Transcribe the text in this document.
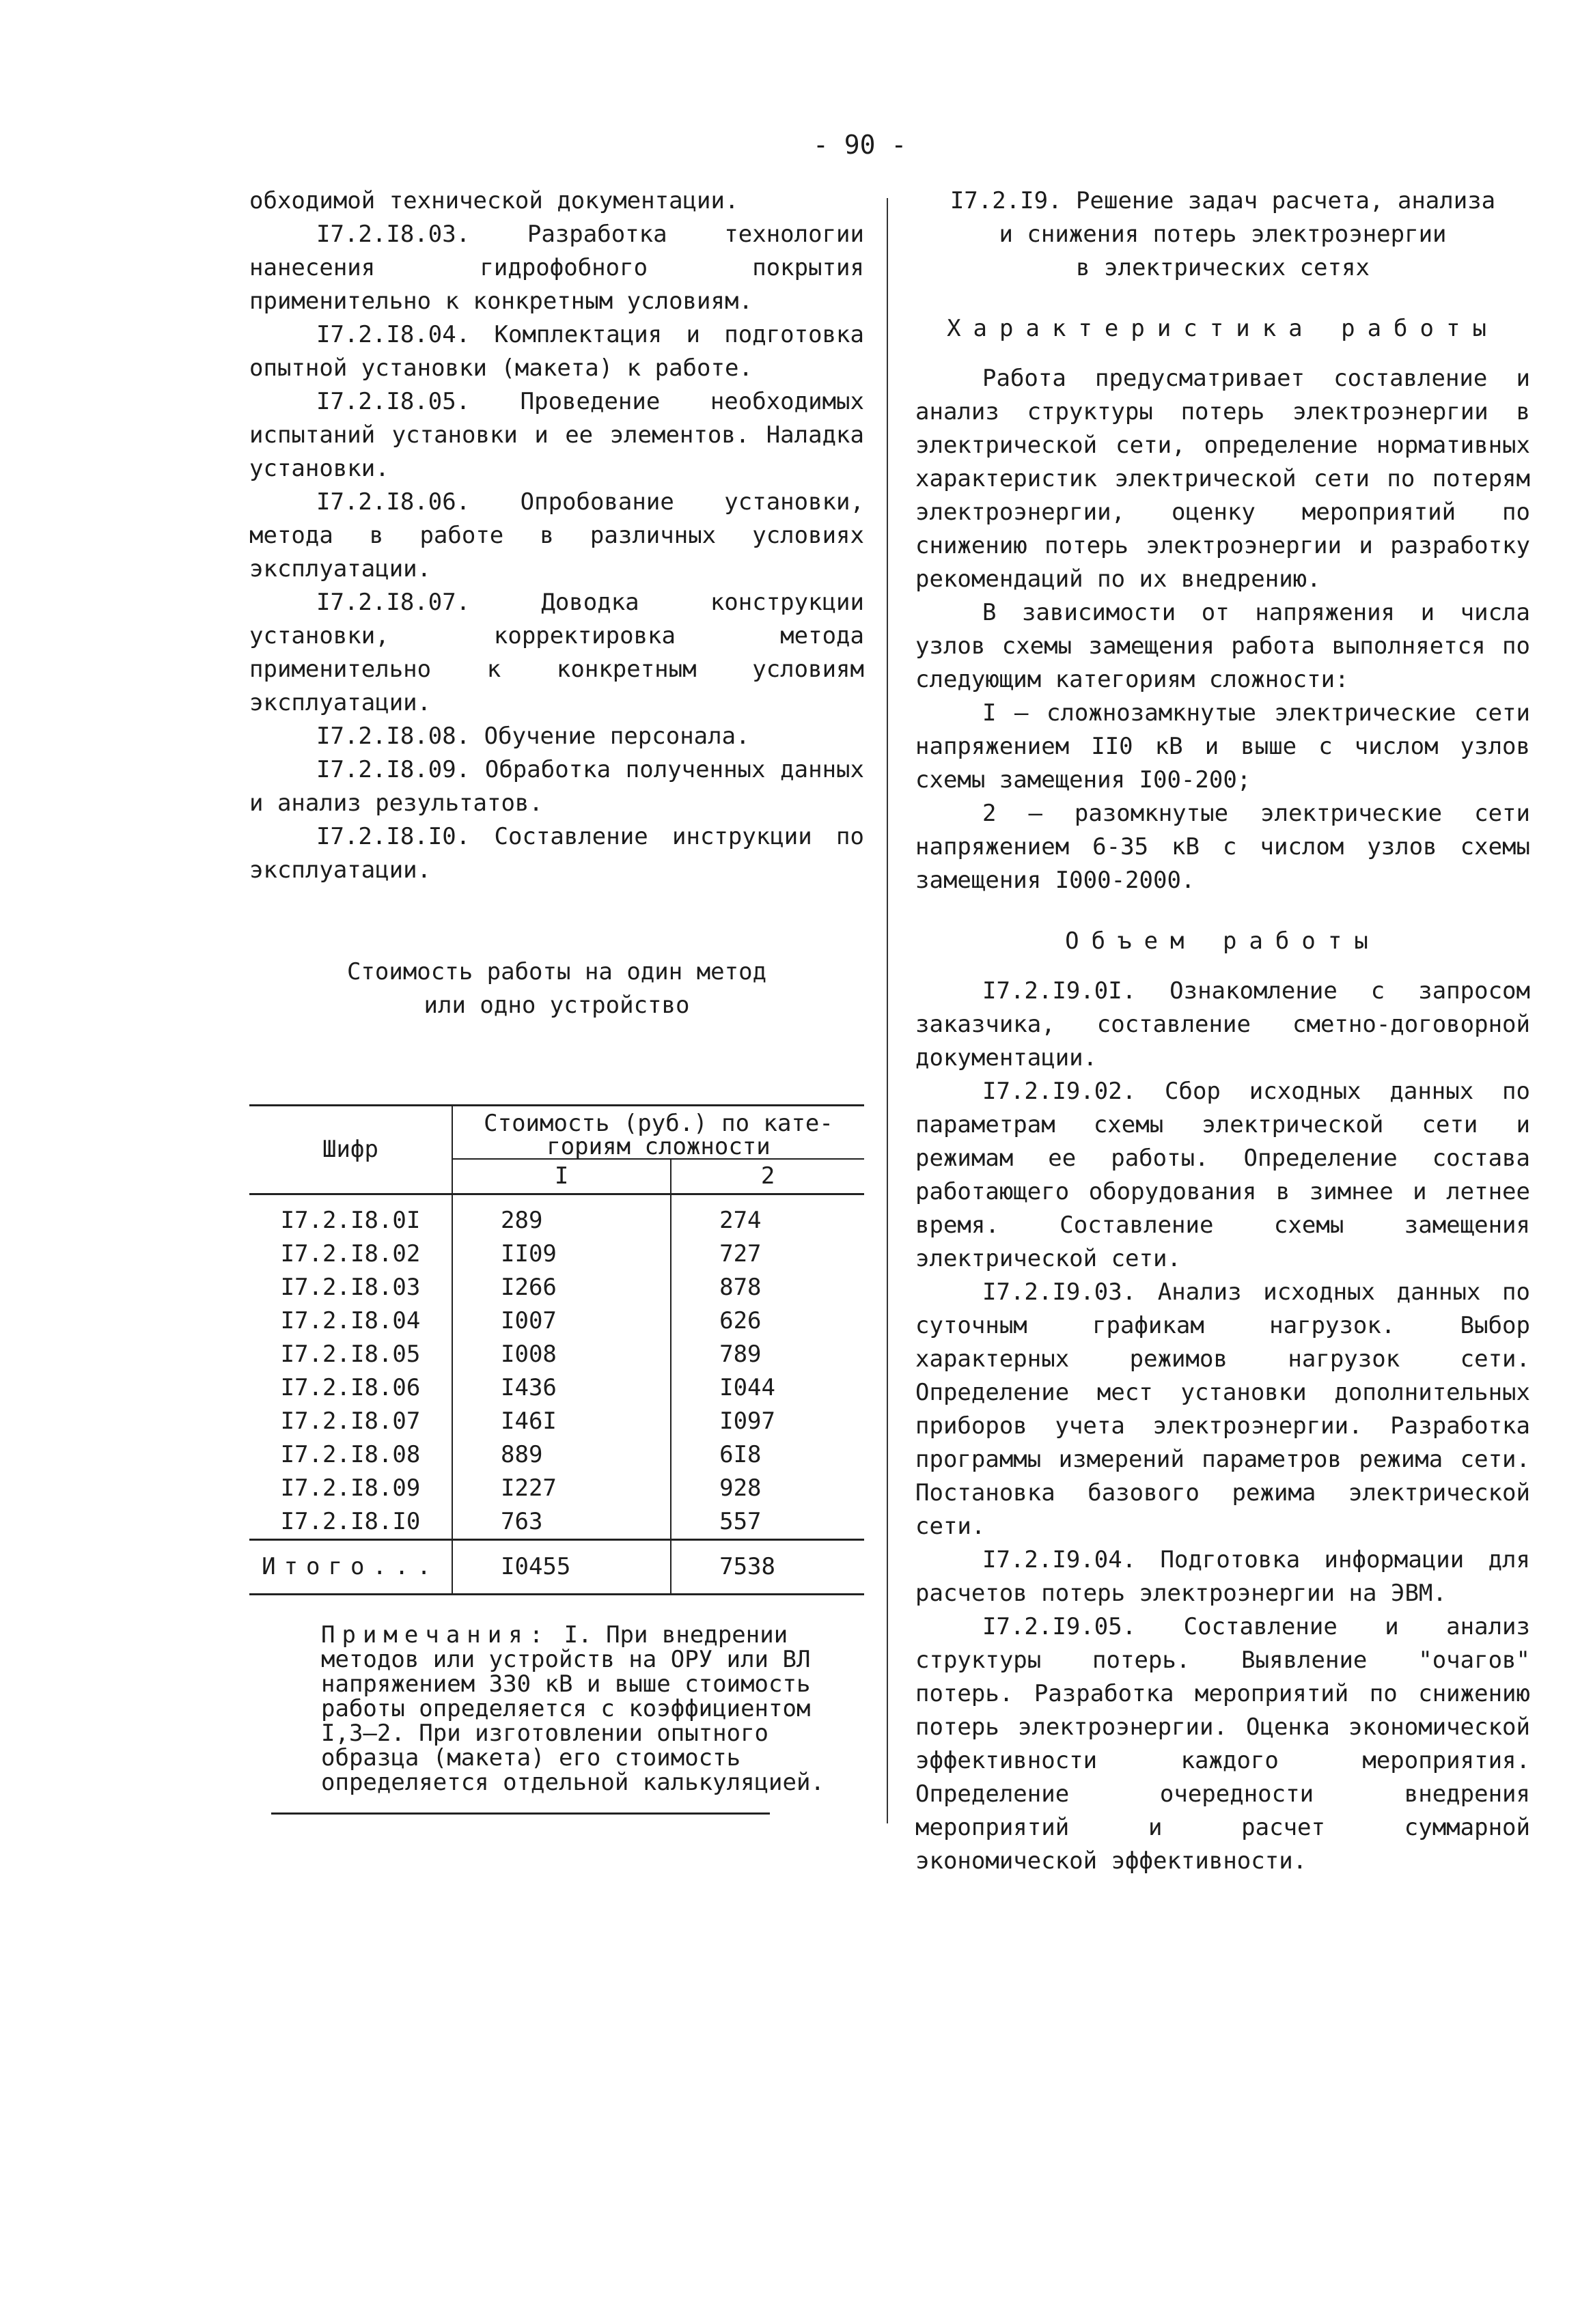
- 90 -

обходимой технической документации.

I7.2.I8.03. Разработка технологии нанесения гидрофобного покрытия применительно к конкретным условиям.

I7.2.I8.04. Комплектация и подготовка опытной установки (макета) к работе.

I7.2.I8.05. Проведение необходимых испытаний установки и ее элементов. Наладка установки.

I7.2.I8.06. Опробование установки, метода в работе в различных условиях эксплуатации.

I7.2.I8.07. Доводка конструкции установки, корректировка метода применительно к конкретным условиям эксплуатации.

I7.2.I8.08. Обучение персонала.

I7.2.I8.09. Обработка полученных данных и анализ результатов.

I7.2.I8.I0. Составление инструкции по эксплуатации.

Стоимость работы на один метод
или одно устройство
Шифр	Стоимость (руб.) по кате-
гориям сложности	

	I	2

I7.2.I8.0I	289	274
I7.2.I8.02	II09	727
I7.2.I8.03	I266	878
I7.2.I8.04	I007	626
I7.2.I8.05	I008	789
I7.2.I8.06	I436	I044
I7.2.I8.07	I46I	I097
I7.2.I8.08	889	6I8
I7.2.I8.09	I227	928
I7.2.I8.I0	763	557
Итого...	I0455	7538
Примечания: I. При внедрении методов или устройств на ОРУ или ВЛ напряжением 330 кВ и выше стоимость работы определяется с коэффициентом I,3–2. При изготовлении опытного образца (макета) его стоимость определяется отдельной калькуляцией.
I7.2.I9. Решение задач расчета, анализа
и снижения потерь электроэнергии
в электрических сетях
Характеристика работы

Работа предусматривает составление и анализ структуры потерь электроэнергии в электрической сети, определение нормативных характеристик электрической сети по потерям электроэнергии, оценку мероприятий по снижению потерь электроэнергии и разработку рекомендаций по их внедрению.

В зависимости от напряжения и числа узлов схемы замещения работа выполняется по следующим категориям сложности:

I – сложнозамкнутые электрические сети напряжением II0 кВ и выше с числом узлов схемы замещения I00-200;

2 – разомкнутые электрические сети напряжением 6-35 кВ с числом узлов схемы замещения I000-2000.

Объем работы

I7.2.I9.0I. Ознакомление с запросом заказчика, составление сметно-договорной документации.

I7.2.I9.02. Сбор исходных данных по параметрам схемы электрической сети и режимам ее работы. Определение состава работающего оборудования в зимнее и летнее время. Составление схемы замещения электрической сети.

I7.2.I9.03. Анализ исходных данных по суточным графикам нагрузок. Выбор характерных режимов нагрузок сети. Определение мест установки дополнительных приборов учета электроэнергии. Разработка программы измерений параметров режима сети. Постановка базового режима электрической сети.

I7.2.I9.04. Подготовка информации для расчетов потерь электроэнергии на ЭВМ.

I7.2.I9.05. Составление и анализ структуры потерь. Выявление "очагов" потерь. Разработка мероприятий по снижению потерь электроэнергии. Оценка экономической эффективности каждого мероприятия. Определение очередности внедрения мероприятий и расчет суммарной экономической эффективности.
